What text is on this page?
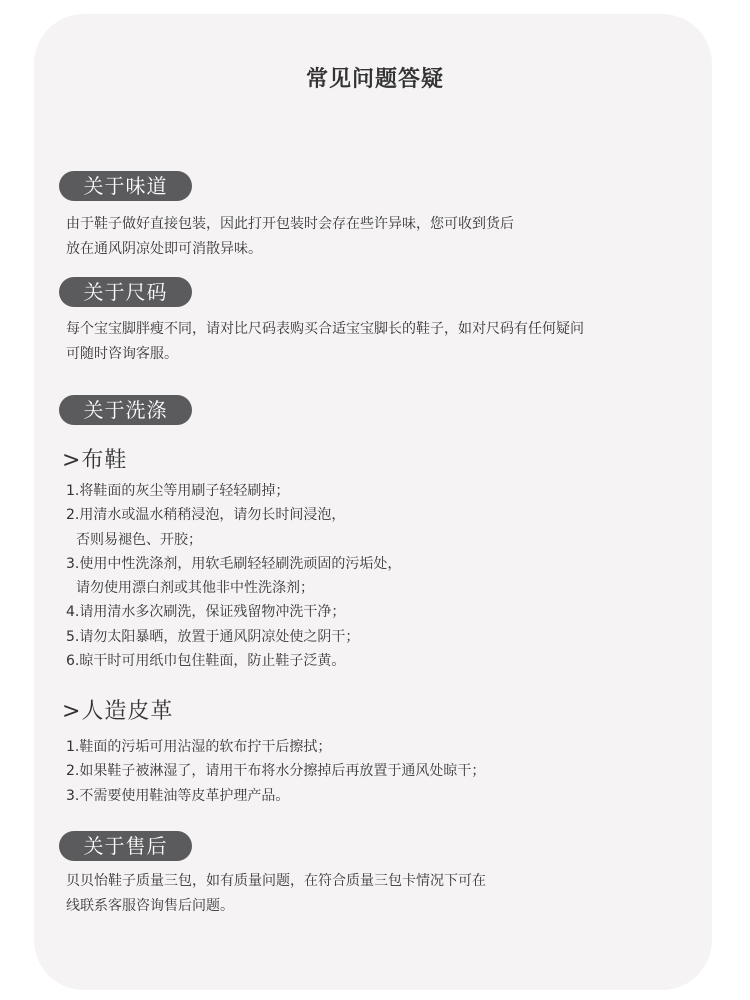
常见问题答疑
关于味道
由于鞋子做好直接包装，因此打开包装时会存在些许异味，您可收到货后
放在通风阴凉处即可消散异味。
关于尺码
每个宝宝脚胖瘦不同，请对比尺码表购买合适宝宝脚长的鞋子，如对尺码有任何疑问
可随时咨询客服。
关于洗涤
>布鞋
1.将鞋面的灰尘等用刷子轻轻刷掉；
2.用清水或温水稍稍浸泡，请勿长时间浸泡，
否则易褪色、开胶；
3.使用中性洗涤剂，用软毛刷轻轻刷洗顽固的污垢处，
请勿使用漂白剂或其他非中性洗涤剂；
4.请用清水多次刷洗，保证残留物冲洗干净；
5.请勿太阳暴晒，放置于通风阴凉处使之阴干；
6.晾干时可用纸巾包住鞋面，防止鞋子泛黄。
>人造皮革
1.鞋面的污垢可用沾湿的软布拧干后擦拭；
2.如果鞋子被淋湿了，请用干布将水分擦掉后再放置于通风处晾干；
3.不需要使用鞋油等皮革护理产品。
关于售后
贝贝怡鞋子质量三包，如有质量问题，在符合质量三包卡情况下可在
线联系客服咨询售后问题。
